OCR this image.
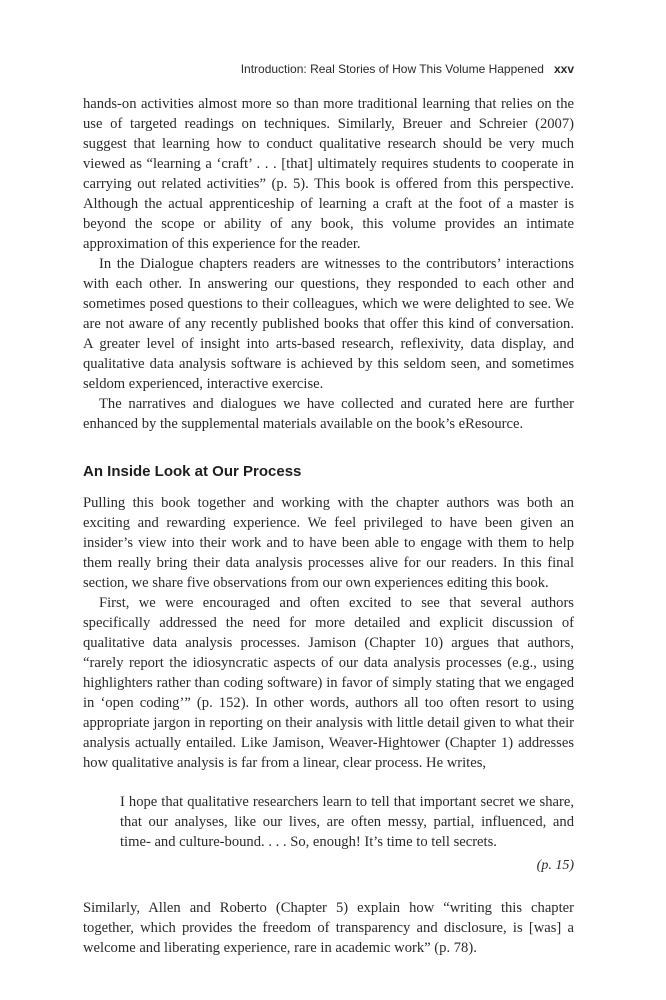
Introduction: Real Stories of How This Volume Happened xxv

hands-on activities almost more so than more traditional learning that relies on the use of targeted readings on techniques. Similarly, Breuer and Schreier (2007) suggest that learning how to conduct qualitative research should be very much viewed as “learning a ‘craft’ . . . [that] ultimately requires students to cooperate in carrying out related activities” (p. 5). This book is offered from this perspective. Although the actual apprenticeship of learning a craft at the foot of a master is beyond the scope or ability of any book, this volume provides an intimate approximation of this experience for the reader.

In the Dialogue chapters readers are witnesses to the contributors’ interactions with each other. In answering our questions, they responded to each other and sometimes posed questions to their colleagues, which we were delighted to see. We are not aware of any recently published books that offer this kind of conversation. A greater level of insight into arts-based research, reflexivity, data display, and qualitative data analysis software is achieved by this seldom seen, and sometimes seldom experienced, interactive exercise.

The narratives and dialogues we have collected and curated here are further enhanced by the supplemental materials available on the book’s eResource.

An Inside Look at Our Process

Pulling this book together and working with the chapter authors was both an exciting and rewarding experience. We feel privileged to have been given an insider’s view into their work and to have been able to engage with them to help them really bring their data analysis processes alive for our readers. In this final section, we share five observations from our own experiences editing this book.

First, we were encouraged and often excited to see that several authors specifically addressed the need for more detailed and explicit discussion of qualitative data analysis processes. Jamison (Chapter 10) argues that authors, “rarely report the idiosyncratic aspects of our data analysis processes (e.g., using highlighters rather than coding software) in favor of simply stating that we engaged in ‘open coding’” (p. 152). In other words, authors all too often resort to using appropriate jargon in reporting on their analysis with little detail given to what their analysis actually entailed. Like Jamison, Weaver-Hightower (Chapter 1) addresses how qualitative analysis is far from a linear, clear process. He writes,

I hope that qualitative researchers learn to tell that important secret we share, that our analyses, like our lives, are often messy, partial, influenced, and time- and culture-bound. . . . So, enough! It’s time to tell secrets.

(p. 15)

Similarly, Allen and Roberto (Chapter 5) explain how “writing this chapter together, which provides the freedom of transparency and disclosure, is [was] a welcome and liberating experience, rare in academic work” (p. 78).
